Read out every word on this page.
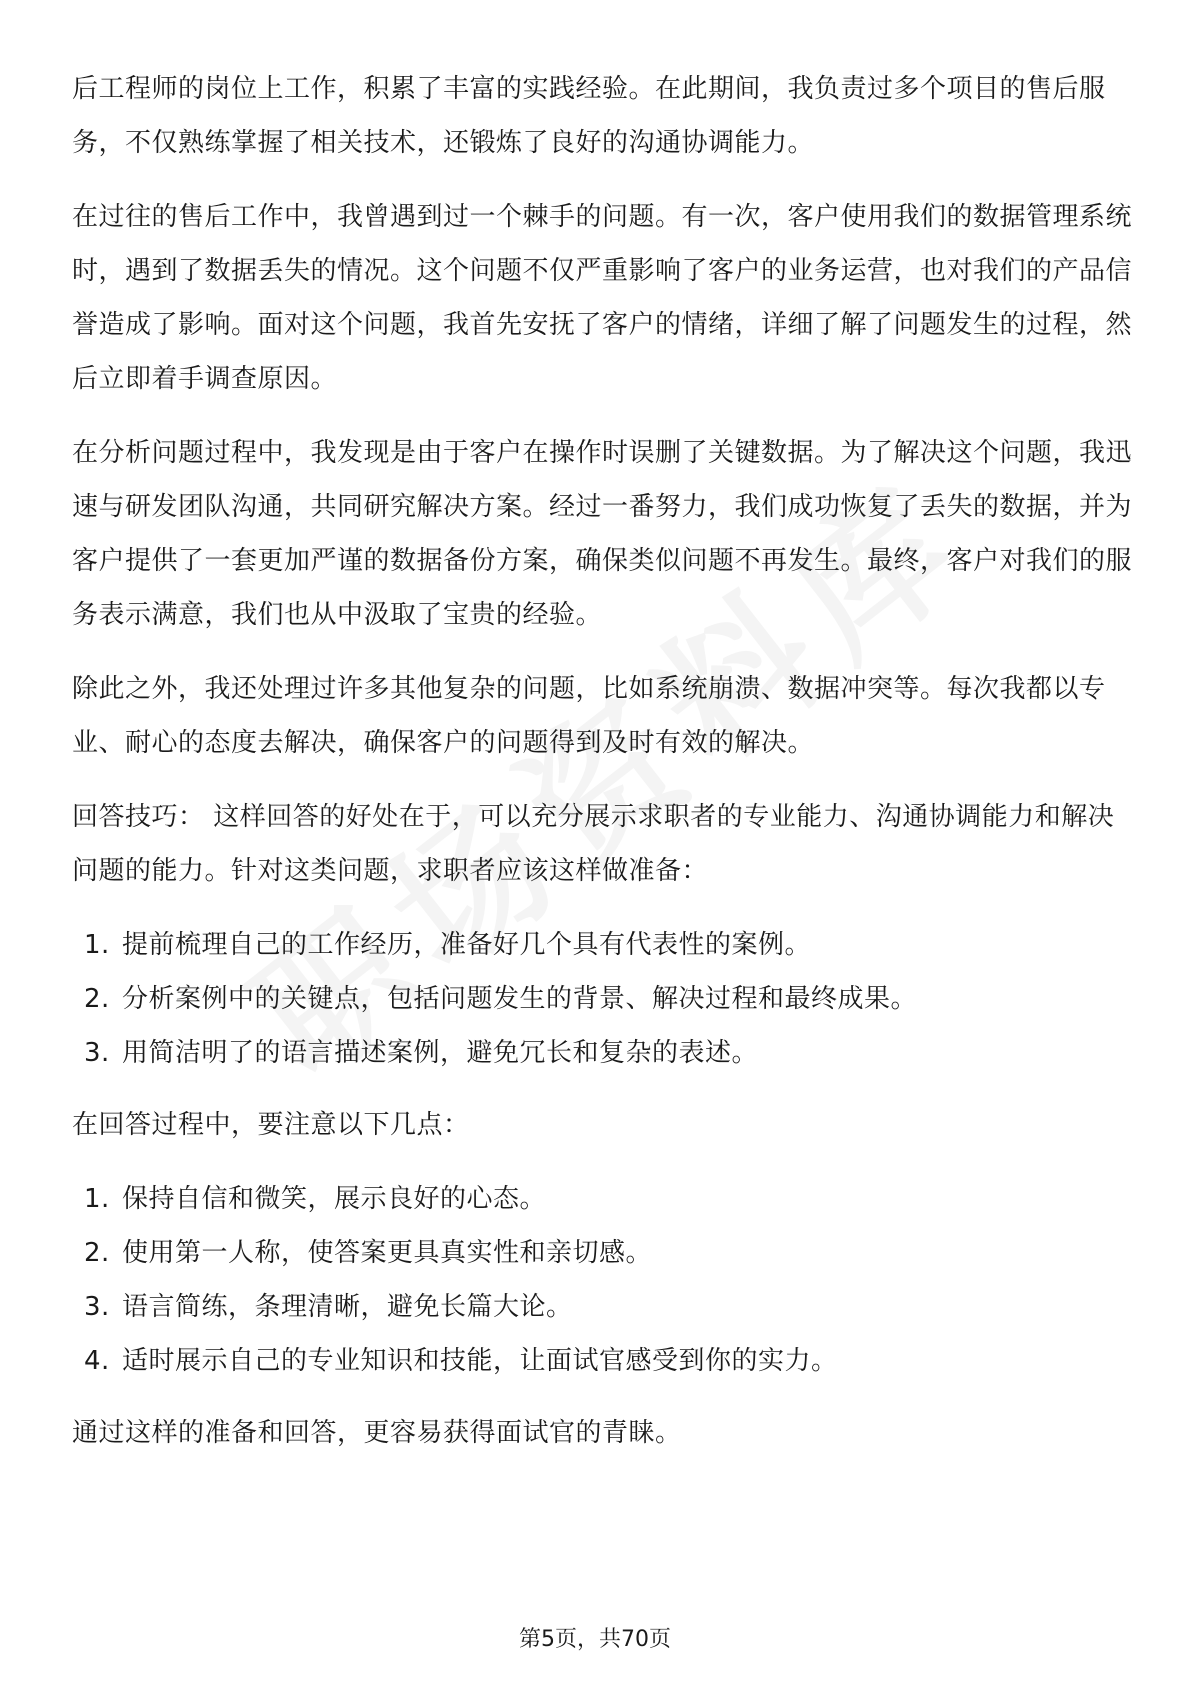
后工程师的岗位上工作，积累了丰富的实践经验。在此期间，我负责过多个项目的售后服务，不仅熟练掌握了相关技术，还锻炼了良好的沟通协调能力。

在过往的售后工作中，我曾遇到过一个棘手的问题。有一次，客户使用我们的数据管理系统时，遇到了数据丢失的情况。这个问题不仅严重影响了客户的业务运营，也对我们的产品信誉造成了影响。面对这个问题，我首先安抚了客户的情绪，详细了解了问题发生的过程，然后立即着手调查原因。

在分析问题过程中，我发现是由于客户在操作时误删了关键数据。为了解决这个问题，我迅速与研发团队沟通，共同研究解决方案。经过一番努力，我们成功恢复了丢失的数据，并为客户提供了一套更加严谨的数据备份方案，确保类似问题不再发生。最终，客户对我们的服务表示满意，我们也从中汲取了宝贵的经验。

除此之外，我还处理过许多其他复杂的问题，比如系统崩溃、数据冲突等。每次我都以专业、耐心的态度去解决，确保客户的问题得到及时有效的解决。

回答技巧： 这样回答的好处在于，可以充分展示求职者的专业能力、沟通协调能力和解决问题的能力。针对这类问题，求职者应该这样做准备：

1. 提前梳理自己的工作经历，准备好几个具有代表性的案例。
2. 分析案例中的关键点，包括问题发生的背景、解决过程和最终成果。
3. 用简洁明了的语言描述案例，避免冗长和复杂的表述。

在回答过程中，要注意以下几点：

1. 保持自信和微笑，展示良好的心态。
2. 使用第一人称，使答案更具真实性和亲切感。
3. 语言简练，条理清晰，避免长篇大论。
4. 适时展示自己的专业知识和技能，让面试官感受到你的实力。

通过这样的准备和回答，更容易获得面试官的青睐。

第5页，共70页
